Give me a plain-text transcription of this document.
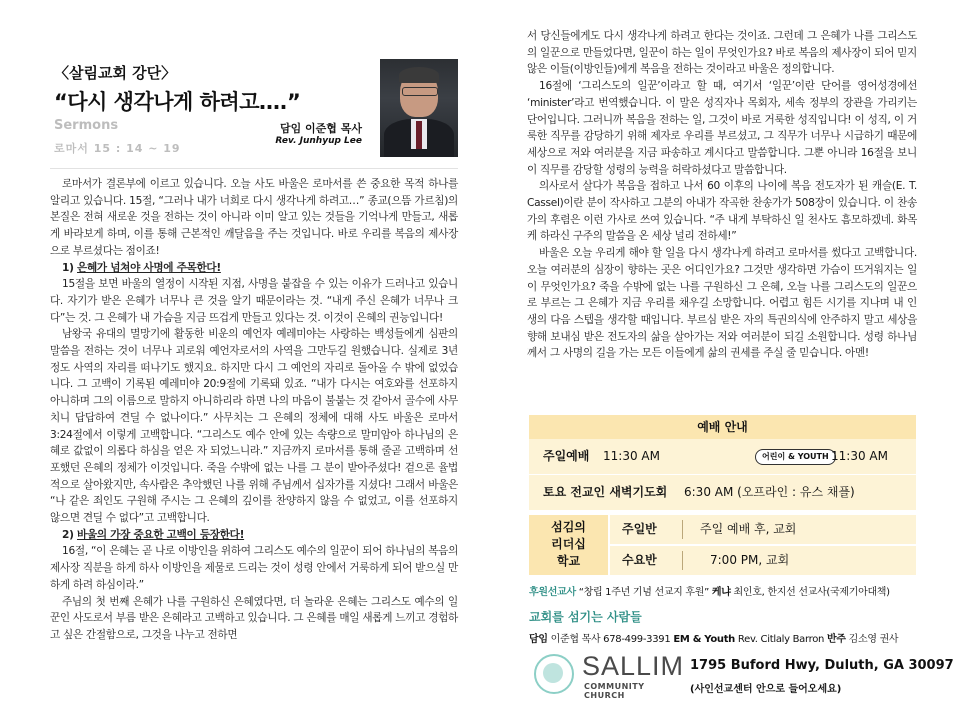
〈살림교회 강단〉
“다시 생각나게 하려고….”
Sermons
로마서 15 : 14 ~ 19
담임 이준협 목사
Rev. Junhyup Lee

로마서가 결론부에 이르고 있습니다. 오늘 사도 바울은 로마서를 쓴 중요한 목적 하나를 알리고 있습니다. 15절, “그러나 내가 너희로 다시 생각나게 하려고…” 종교(으뜸 가르침)의 본질은 전혀 새로운 것을 전하는 것이 아니라 이미 알고 있는 것들을 기억나게 만들고, 새롭게 바라보게 하며, 이를 통해 근본적인 깨달음을 주는 것입니다. 바로 우리를 복음의 제사장으로 부르셨다는 점이죠!

1) 은혜가 넘쳐야 사명에 주목한다!

15절을 보면 바울의 열정이 시작된 지점, 사명을 붙잡을 수 있는 이유가 드러나고 있습니다. 자기가 받은 은혜가 너무나 큰 것을 알기 때문이라는 것. “내게 주신 은혜가 너무나 크다”는 것. 그 은혜가 내 가슴을 지금 뜨겁게 만들고 있다는 것. 이것이 은혜의 권능입니다!

남왕국 유대의 멸망기에 활동한 비운의 예언자 예레미야는 사랑하는 백성들에게 심판의 말씀을 전하는 것이 너무나 괴로워 예언자로서의 사역을 그만두길 원했습니다. 실제로 3년 정도 사역의 자리를 떠나기도 했지요. 하지만 다시 그 예언의 자리로 돌아올 수 밖에 없었습니다. 그 고백이 기록된 예레미야 20:9절에 기록돼 있죠. “내가 다시는 여호와를 선포하지 아니하며 그의 이름으로 말하지 아니하리라 하면 나의 마음이 불붙는 것 같아서 골수에 사무치니 답답하여 견딜 수 없나이다.” 사무치는 그 은혜의 정체에 대해 사도 바울은 로마서 3:24절에서 이렇게 고백합니다. “그리스도 예수 안에 있는 속량으로 말미암아 하나님의 은혜로 값없이 의롭다 하심을 얻은 자 되었느니라.” 지금까지 로마서를 통해 줄곧 고백하며 선포했던 은혜의 정체가 이것입니다. 죽을 수밖에 없는 나를 그 분이 받아주셨다! 겉으론 율법적으로 살아왔지만, 속사람은 추악했던 나를 위해 주님께서 십자가를 지셨다! 그래서 바울은 “나 같은 죄인도 구원해 주시는 그 은혜의 깊이를 찬양하지 않을 수 없었고, 이를 선포하지 않으면 견딜 수 없다”고 고백합니다.

2) 바울의 가장 중요한 고백이 등장한다!

16절, “이 은혜는 곧 나로 이방인을 위하여 그리스도 예수의 일꾼이 되어 하나님의 복음의 제사장 직분을 하게 하사 이방인을 제물로 드리는 것이 성령 안에서 거룩하게 되어 받으실 만하게 하려 하심이라.”

주님의 첫 번째 은혜가 나를 구원하신 은혜였다면, 더 놀라운 은혜는 그리스도 예수의 일꾼인 사도로서 부름 받은 은혜라고 고백하고 있습니다. 그 은혜를 매일 새롭게 느끼고 경험하고 싶은 간절함으로, 그것을 나누고 전하면

서 당신들에게도 다시 생각나게 하려고 한다는 것이죠. 그런데 그 은혜가 나를 그리스도의 일꾼으로 만들었다면, 일꾼이 하는 일이 무엇인가요? 바로 복음의 제사장이 되어 믿지 않은 이들(이방인들)에게 복음을 전하는 것이라고 바울은 정의합니다.

16절에 ‘그리스도의 일꾼’이라고 할 때, 여기서 ‘일꾼’이란 단어를 영어성경에선 ‘minister’라고 번역했습니다. 이 말은 성직자나 목회자, 세속 정부의 장관을 가리키는 단어입니다. 그러니까 복음을 전하는 일, 그것이 바로 거룩한 성직입니다! 이 성직, 이 거룩한 직무를 감당하기 위해 제자로 우리를 부르셨고, 그 직무가 너무나 시급하기 때문에 세상으로 저와 여러분을 지금 파송하고 계시다고 말씀합니다. 그뿐 아니라 16절을 보니 이 직무를 감당할 성령의 능력을 허락하셨다고 말씀합니다.

의사로서 살다가 복음을 접하고 나서 60 이후의 나이에 복음 전도자가 된 캐슬(E. T. Cassel)이란 분이 작사하고 그분의 아내가 작곡한 찬송가가 508장이 있습니다. 이 찬송가의 후렴은 이런 가사로 쓰여 있습니다. “주 내게 부탁하신 일 천사도 흠모하겠네. 화목케 하라신 구주의 말씀을 온 세상 널리 전하세!”

바울은 오늘 우리게 해야 할 일을 다시 생각나게 하려고 로마서를 썼다고 고백합니다. 오늘 여러분의 심장이 향하는 곳은 어디인가요? 그것만 생각하면 가슴이 뜨거워지는 일이 무엇인가요? 죽을 수밖에 없는 나를 구원하신 그 은혜, 오늘 나를 그리스도의 일꾼으로 부르는 그 은혜가 지금 우리를 채우길 소망합니다. 어렵고 힘든 시기를 지나며 내 인생의 다음 스텝을 생각할 때입니다. 부르심 받은 자의 특권의식에 안주하지 말고 세상을 향해 보내심 받은 전도자의 삶을 살아가는 저와 여러분이 되길 소원합니다. 성령 하나님께서 그 사명의 길을 가는 모든 이들에게 삶의 권세를 주실 줄 믿습니다. 아멘!

예배 안내
주일예배 11:30 AM	어린이 & YOUTH 11:30 AM
토요 전교인 새벽기도회 6:30 AM (오프라인 : 유스 채플)
섬김의
리더십
학교
주일반	주일 예배 후, 교회
수요반	7:00 PM, 교회
후원선교사 “창립 1주년 기념 선교지 후원” 케냐 최인호, 한지선 선교사(국제기아대책)
교회를 섬기는 사람들
담임 이준협 목사 678-499-3391 EM & Youth Rev. Citlaly Barron 반주 김소영 권사
SALLIM
COMMUNITY CHURCH
1795 Buford Hwy, Duluth, GA 30097
(사인선교센터 안으로 들어오세요)
